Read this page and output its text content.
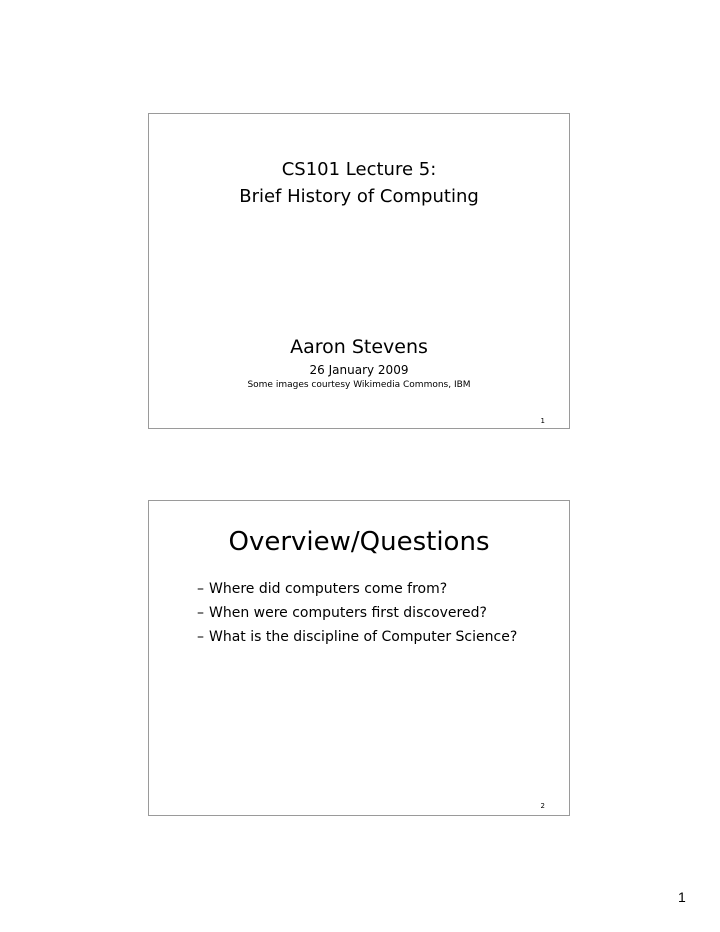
CS101 Lecture 5:
Brief History of Computing
Aaron Stevens
26 January 2009
Some images courtesy Wikimedia Commons, IBM
1
Overview/Questions
– Where did computers come from?
– When were computers first discovered?
– What is the discipline of Computer Science?
2
1
